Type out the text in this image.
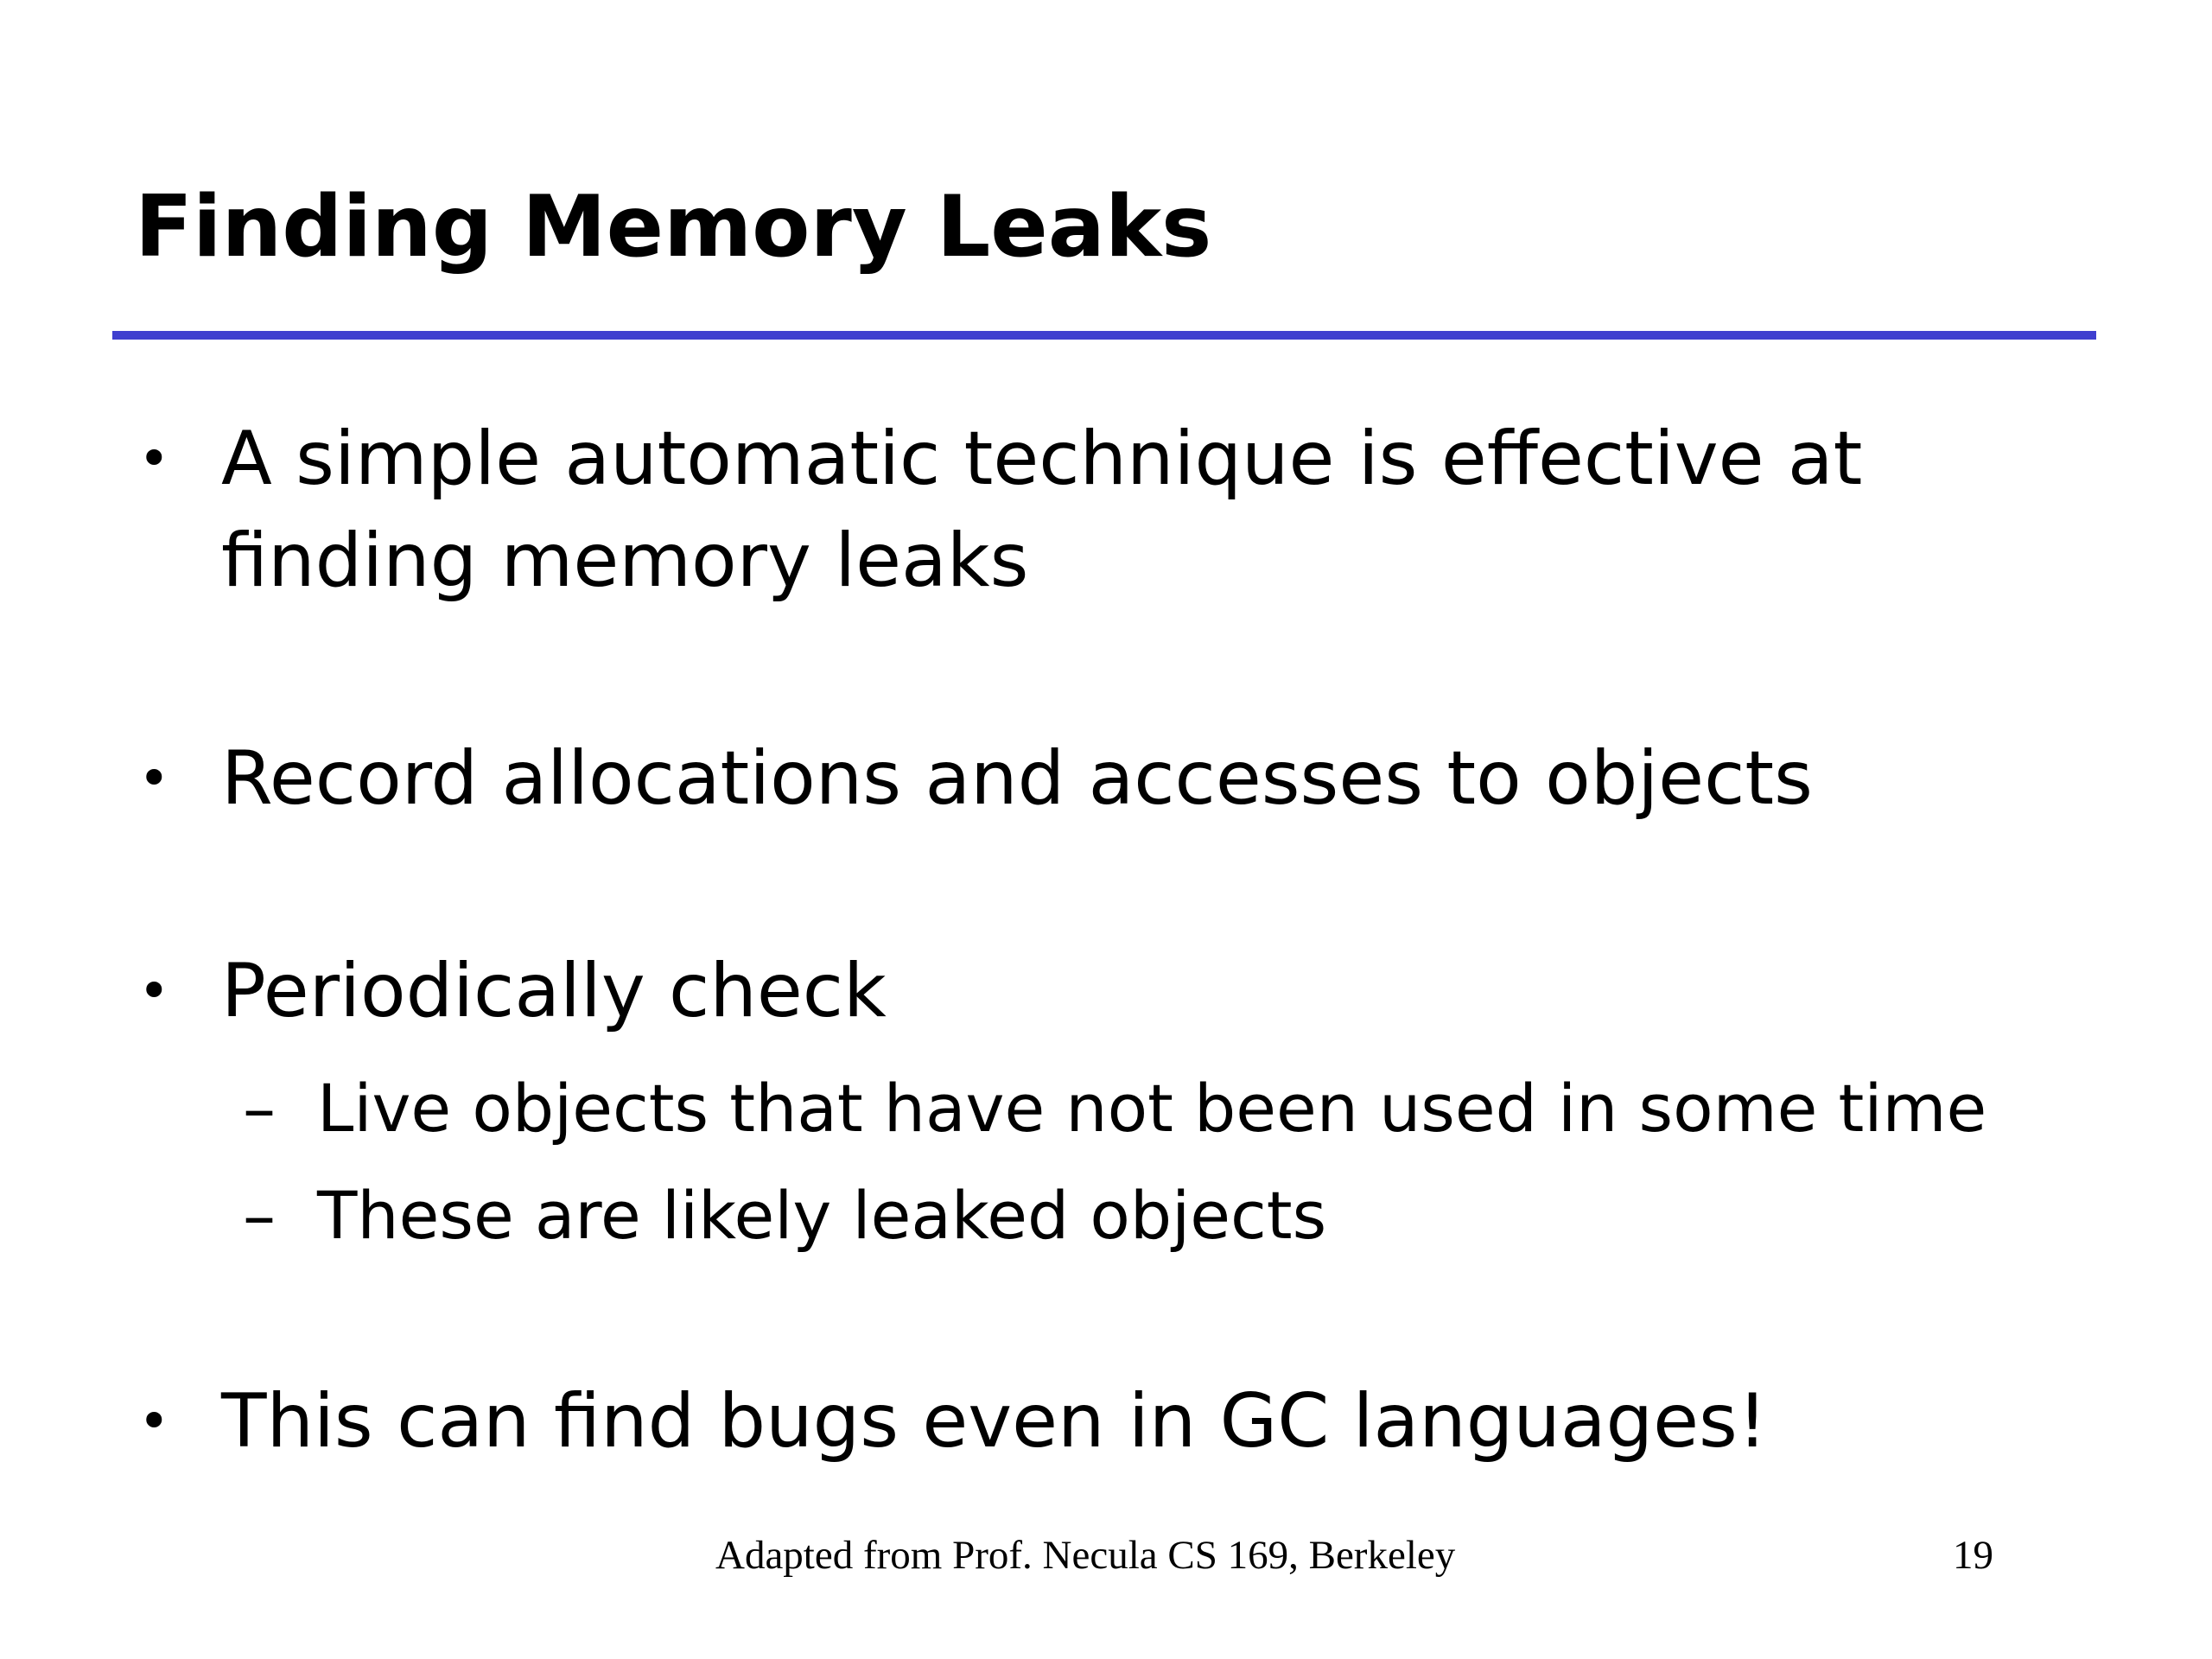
Finding Memory Leaks
• A simple automatic technique is effective at finding memory leaks

• Record allocations and accesses to objects

• Periodically check

– Live objects that have not been used in some time

– These are likely leaked objects

• This can find bugs even in GC languages!

Adapted from Prof. Necula CS 169, Berkeley	19
